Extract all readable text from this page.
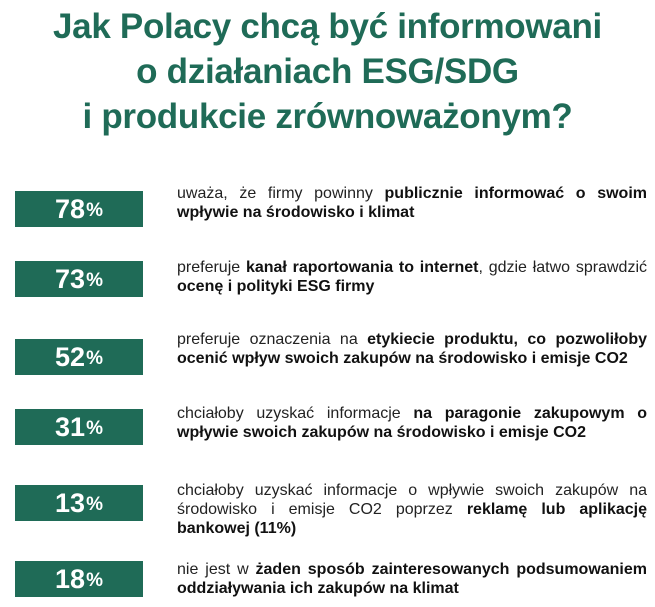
Jak Polacy chcą być informowani
o działaniach ESG/SDG
i produkcie zrównoważonym?
78 %
uważa, że firmy powinny publicznie informować o swoim wpływie na środowisko i klimat
73 %
preferuje kanał raportowania to internet, gdzie łatwo sprawdzić ocenę i polityki ESG firmy
52 %
preferuje oznaczenia na etykiecie produktu, co pozwoliłoby ocenić wpływ swoich zakupów na środowisko i emisje CO2
31 %
chciałoby uzyskać informacje na paragonie zakupowym o wpływie swoich zakupów na środowisko i emisje CO2
13 %
chciałoby uzyskać informacje o wpływie swoich zakupów na środowisko i emisje CO2 poprzez reklamę lub aplikację bankowej (11%)
18 %
nie jest w żaden sposób zainteresowanych podsumowaniem oddziaływania ich zakupów na klimat
